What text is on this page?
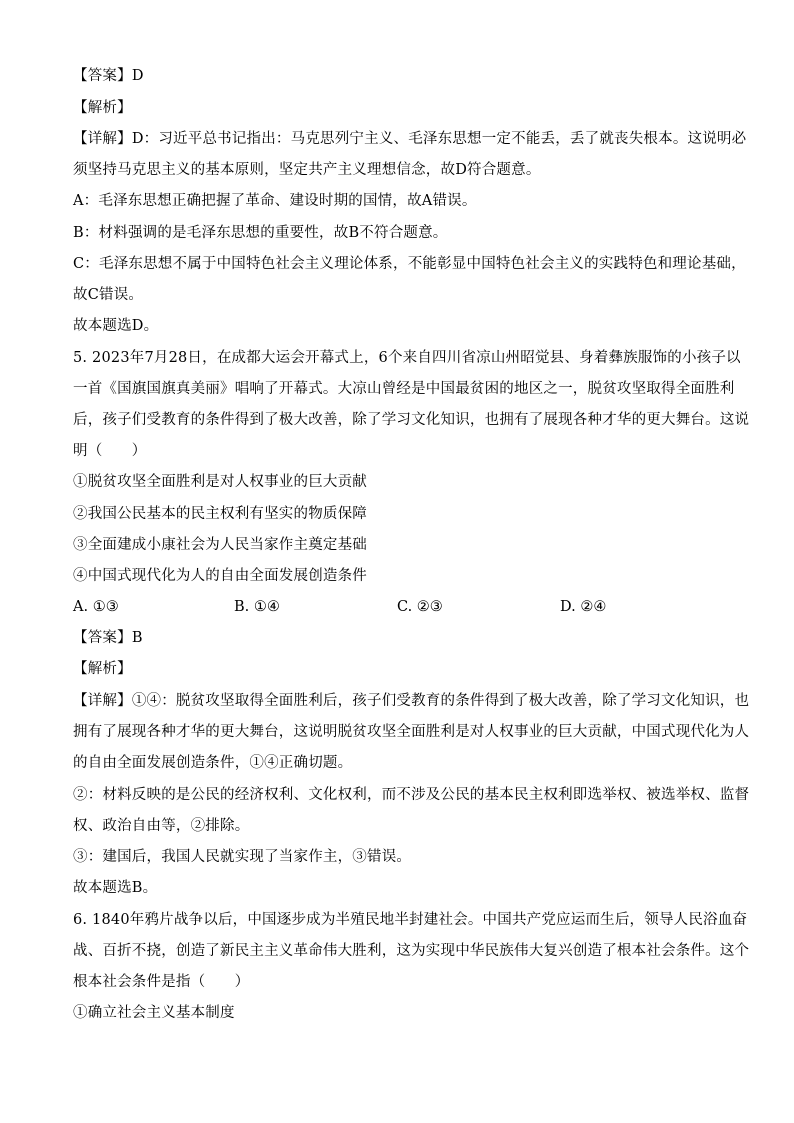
【答案】D
【解析】
【详解】D：习近平总书记指出：马克思列宁主义、毛泽东思想一定不能丢，丢了就丧失根本。这说明必
须坚持马克思主义的基本原则，坚定共产主义理想信念，故D符合题意。
A：毛泽东思想正确把握了革命、建设时期的国情，故A错误。
B：材料强调的是毛泽东思想的重要性，故B不符合题意。
C：毛泽东思想不属于中国特色社会主义理论体系，不能彰显中国特色社会主义的实践特色和理论基础，
故C错误。
故本题选D。
5. 2023年7月28日，在成都大运会开幕式上，6个来自四川省凉山州昭觉县、身着彝族服饰的小孩子以
一首《国旗国旗真美丽》唱响了开幕式。大凉山曾经是中国最贫困的地区之一，脱贫攻坚取得全面胜利
后，孩子们受教育的条件得到了极大改善，除了学习文化知识，也拥有了展现各种才华的更大舞台。这说
明（　　）
①脱贫攻坚全面胜利是对人权事业的巨大贡献
②我国公民基本的民主权利有坚实的物质保障
③全面建成小康社会为人民当家作主奠定基础
④中国式现代化为人的自由全面发展创造条件
A. ①③	B. ①④	C. ②③	D. ②④
【答案】B
【解析】
【详解】①④：脱贫攻坚取得全面胜利后，孩子们受教育的条件得到了极大改善，除了学习文化知识，也
拥有了展现各种才华的更大舞台，这说明脱贫攻坚全面胜利是对人权事业的巨大贡献，中国式现代化为人
的自由全面发展创造条件，①④正确切题。
②：材料反映的是公民的经济权利、文化权利，而不涉及公民的基本民主权利即选举权、被选举权、监督
权、政治自由等，②排除。
③：建国后，我国人民就实现了当家作主，③错误。
故本题选B。
6. 1840年鸦片战争以后，中国逐步成为半殖民地半封建社会。中国共产党应运而生后，领导人民浴血奋
战、百折不挠，创造了新民主主义革命伟大胜利，这为实现中华民族伟大复兴创造了根本社会条件。这个
根本社会条件是指（　　）
①确立社会主义基本制度
